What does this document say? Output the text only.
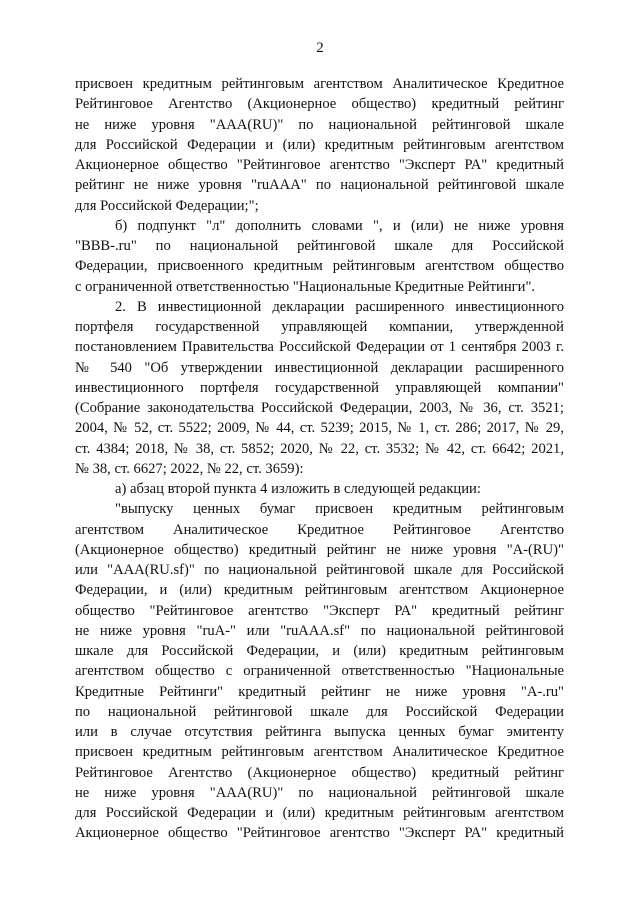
2
присвоен кредитным рейтинговым агентством Аналитическое Кредитное
Рейтинговое Агентство (Акционерное общество) кредитный рейтинг
не ниже уровня "AAA(RU)" по национальной рейтинговой шкале
для Российской Федерации и (или) кредитным рейтинговым агентством
Акционерное общество "Рейтинговое агентство "Эксперт РА" кредитный
рейтинг не ниже уровня "ruAAA" по национальной рейтинговой шкале
для Российской Федерации;";
б) подпункт "л" дополнить словами ", и (или) не ниже уровня
"BBB-.ru" по национальной рейтинговой шкале для Российской
Федерации, присвоенного кредитным рейтинговым агентством общество
с ограниченной ответственностью "Национальные Кредитные Рейтинги".
2. В инвестиционной декларации расширенного инвестиционного
портфеля государственной управляющей компании, утвержденной
постановлением Правительства Российской Федерации от 1 сентября 2003 г.
№ 540 "Об утверждении инвестиционной декларации расширенного
инвестиционного портфеля государственной управляющей компании"
(Собрание законодательства Российской Федерации, 2003, № 36, ст. 3521;
2004, № 52, ст. 5522; 2009, № 44, ст. 5239; 2015, № 1, ст. 286; 2017, № 29,
ст. 4384; 2018, № 38, ст. 5852; 2020, № 22, ст. 3532; № 42, ст. 6642; 2021,
№ 38, ст. 6627; 2022, № 22, ст. 3659):
а) абзац второй пункта 4 изложить в следующей редакции:
"выпуску ценных бумаг присвоен кредитным рейтинговым
агентством Аналитическое Кредитное Рейтинговое Агентство
(Акционерное общество) кредитный рейтинг не ниже уровня "A-(RU)"
или "AAA(RU.sf)" по национальной рейтинговой шкале для Российской
Федерации, и (или) кредитным рейтинговым агентством Акционерное
общество "Рейтинговое агентство "Эксперт РА" кредитный рейтинг
не ниже уровня "ruA-" или "ruAAA.sf" по национальной рейтинговой
шкале для Российской Федерации, и (или) кредитным рейтинговым
агентством общество с ограниченной ответственностью "Национальные
Кредитные Рейтинги" кредитный рейтинг не ниже уровня "A-.ru"
по национальной рейтинговой шкале для Российской Федерации
или в случае отсутствия рейтинга выпуска ценных бумаг эмитенту
присвоен кредитным рейтинговым агентством Аналитическое Кредитное
Рейтинговое Агентство (Акционерное общество) кредитный рейтинг
не ниже уровня "AAA(RU)" по национальной рейтинговой шкале
для Российской Федерации и (или) кредитным рейтинговым агентством
Акционерное общество "Рейтинговое агентство "Эксперт РА" кредитный
